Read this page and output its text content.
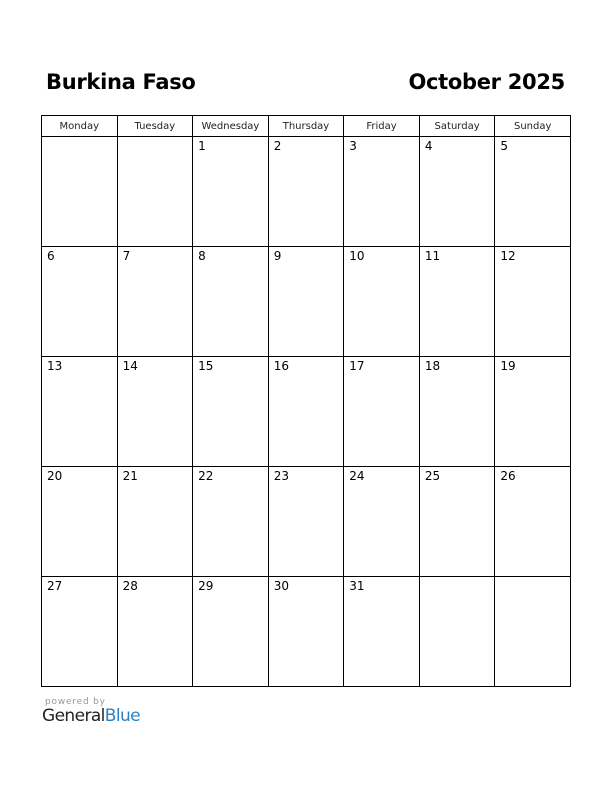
Burkina Faso	October 2025
Monday	Tuesday	Wednesday	Thursday	Friday	Saturday	Sunday

		1	2	3	4	5

6	7	8	9	10	11	12

13	14	15	16	17	18	19

20	21	22	23	24	25	26

27	28	29	30	31		

powered by
GeneralBlue
